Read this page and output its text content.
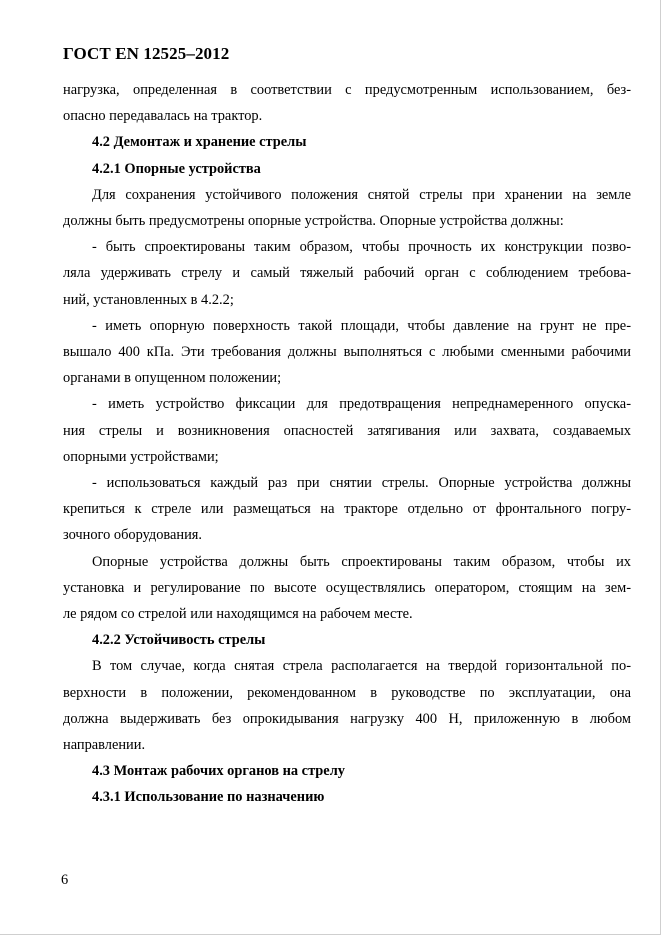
ГОСТ EN 12525–2012
нагрузка, определенная в соответствии с предусмотренным использованием, без-
опасно передавалась на трактор.
4.2 Демонтаж и хранение стрелы
4.2.1 Опорные устройства
Для сохранения устойчивого положения снятой стрелы при хранении на земле
должны быть предусмотрены опорные устройства. Опорные устройства должны:
- быть спроектированы таким образом, чтобы прочность их конструкции позво-
ляла удерживать стрелу и самый тяжелый рабочий орган с соблюдением требова-
ний, установленных в 4.2.2;
- иметь опорную поверхность такой площади, чтобы давление на грунт не пре-
вышало 400 кПа. Эти требования должны выполняться с любыми сменными рабочими
органами в опущенном положении;
- иметь устройство фиксации для предотвращения непреднамеренного опуска-
ния стрелы и возникновения опасностей затягивания или захвата, создаваемых
опорными устройствами;
- использоваться каждый раз при снятии стрелы. Опорные устройства должны
крепиться к стреле или размещаться на тракторе отдельно от фронтального погру-
зочного оборудования.
Опорные устройства должны быть спроектированы таким образом, чтобы их
установка и регулирование по высоте осуществлялись оператором, стоящим на зем-
ле рядом со стрелой или находящимся на рабочем месте.
4.2.2 Устойчивость стрелы
В том случае, когда снятая стрела располагается на твердой горизонтальной по-
верхности в положении, рекомендованном в руководстве по эксплуатации, она
должна выдерживать без опрокидывания нагрузку 400 Н, приложенную в любом
направлении.
4.3 Монтаж рабочих органов на стрелу
4.3.1 Использование по назначению
6
